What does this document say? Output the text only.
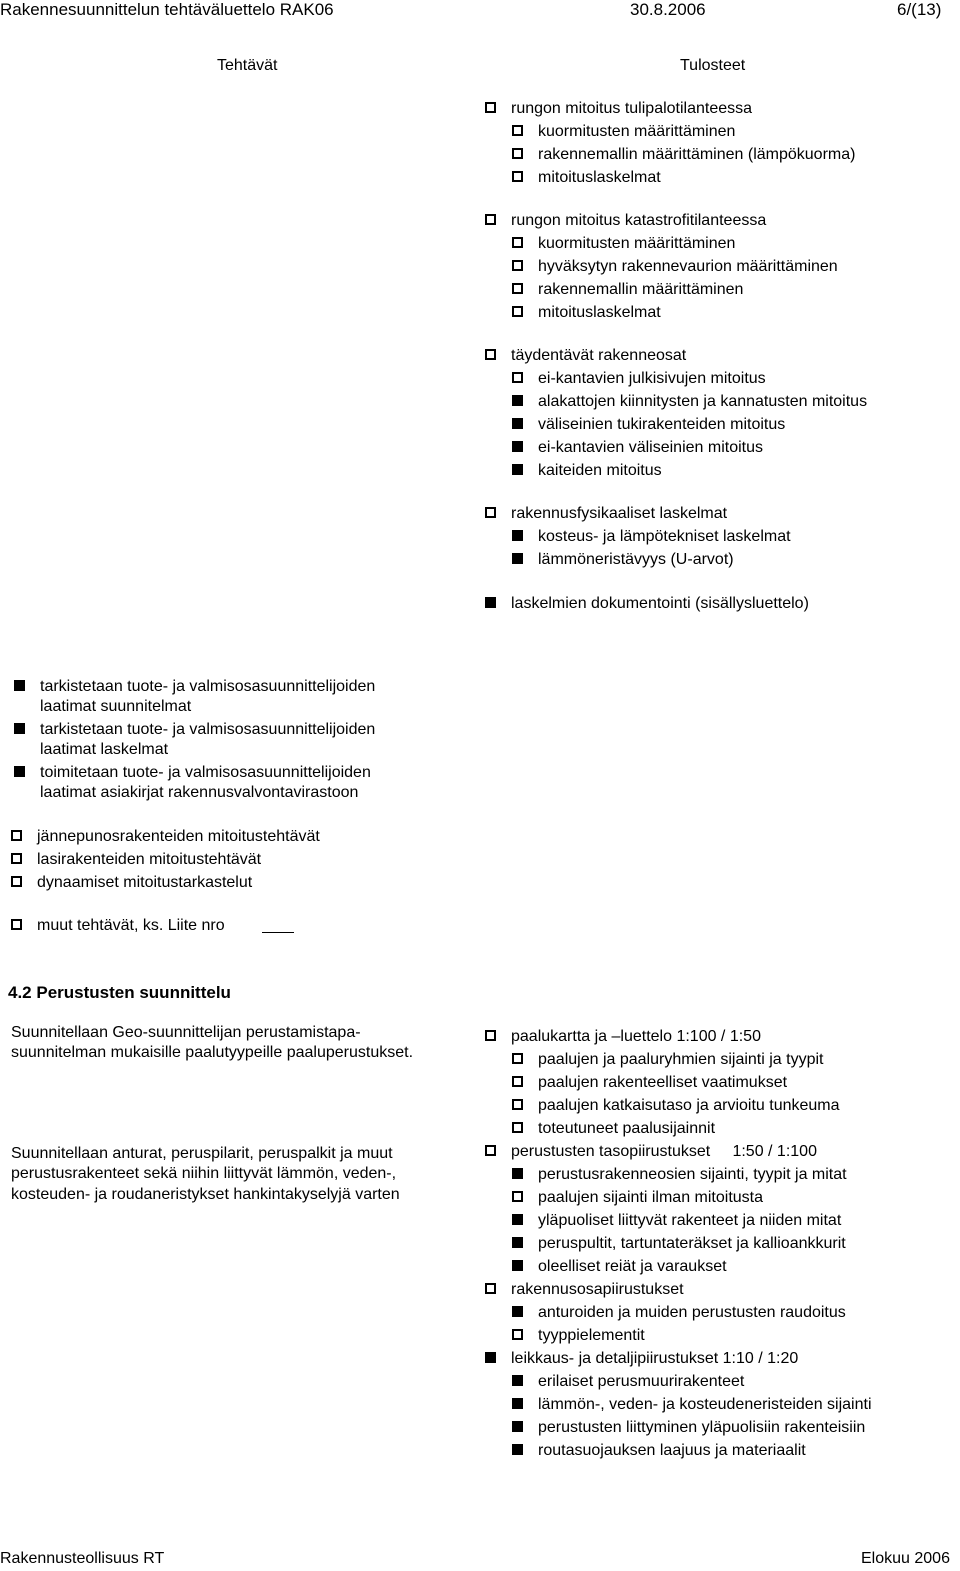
Rakennesuunnittelun tehtäväluettelo RAK06	30.8.2006	6/(13)
Tehtävät	Tulosteet
rungon mitoitus tulipalotilanteessa
kuormitusten määrittäminen
rakennemallin määrittäminen (lämpökuorma)
mitoituslaskelmat
rungon mitoitus katastrofitilanteessa
kuormitusten määrittäminen
hyväksytyn rakennevaurion määrittäminen
rakennemallin määrittäminen
mitoituslaskelmat
täydentävät rakenneosat
ei-kantavien julkisivujen mitoitus
alakattojen kiinnitysten ja kannatusten mitoitus
väliseinien tukirakenteiden mitoitus
ei-kantavien väliseinien mitoitus
kaiteiden mitoitus
rakennusfysikaaliset laskelmat
kosteus- ja lämpötekniset laskelmat
lämmöneristävyys (U-arvot)
laskelmien dokumentointi (sisällysluettelo)
tarkistetaan tuote- ja valmisosasuunnittelijoiden
laatimat suunnitelmat
tarkistetaan tuote- ja valmisosasuunnittelijoiden
laatimat laskelmat
toimitetaan tuote- ja valmisosasuunnittelijoiden
laatimat asiakirjat rakennusvalvontavirastoon
jännepunosrakenteiden mitoitustehtävät
lasirakenteiden mitoitustehtävät
dynaamiset mitoitustarkastelut
muut tehtävät, ks. Liite nro
4.2 Perustusten suunnittelu
Suunnitellaan Geo-suunnittelijan perustamistapa-
suunnitelman mukaisille paalutyypeille paaluperustukset.
Suunnitellaan anturat, peruspilarit, peruspalkit ja muut
perustusrakenteet sekä niihin liittyvät lämmön, veden-,
kosteuden- ja roudaneristykset hankintakyselyjä varten
paalukartta ja –luettelo 1:100 / 1:50
paalujen ja paaluryhmien sijainti ja tyypit
paalujen rakenteelliset vaatimukset
paalujen katkaisutaso ja arvioitu tunkeuma
toteutuneet paalusijainnit
perustusten tasopiirustukset     1:50 / 1:100
perustusrakenneosien sijainti, tyypit ja mitat
paalujen sijainti ilman mitoitusta
yläpuoliset liittyvät rakenteet ja niiden mitat
peruspultit, tartuntateräkset ja kallioankkurit
oleelliset reiät ja varaukset
rakennusosapiirustukset
anturoiden ja muiden perustusten raudoitus
tyyppielementit
leikkaus- ja detaljipiirustukset 1:10 / 1:20
erilaiset perusmuurirakenteet
lämmön-, veden- ja kosteudeneristeiden sijainti
perustusten liittyminen yläpuolisiin rakenteisiin
routasuojauksen laajuus ja materiaalit
Rakennusteollisuus RT	Elokuu 2006
